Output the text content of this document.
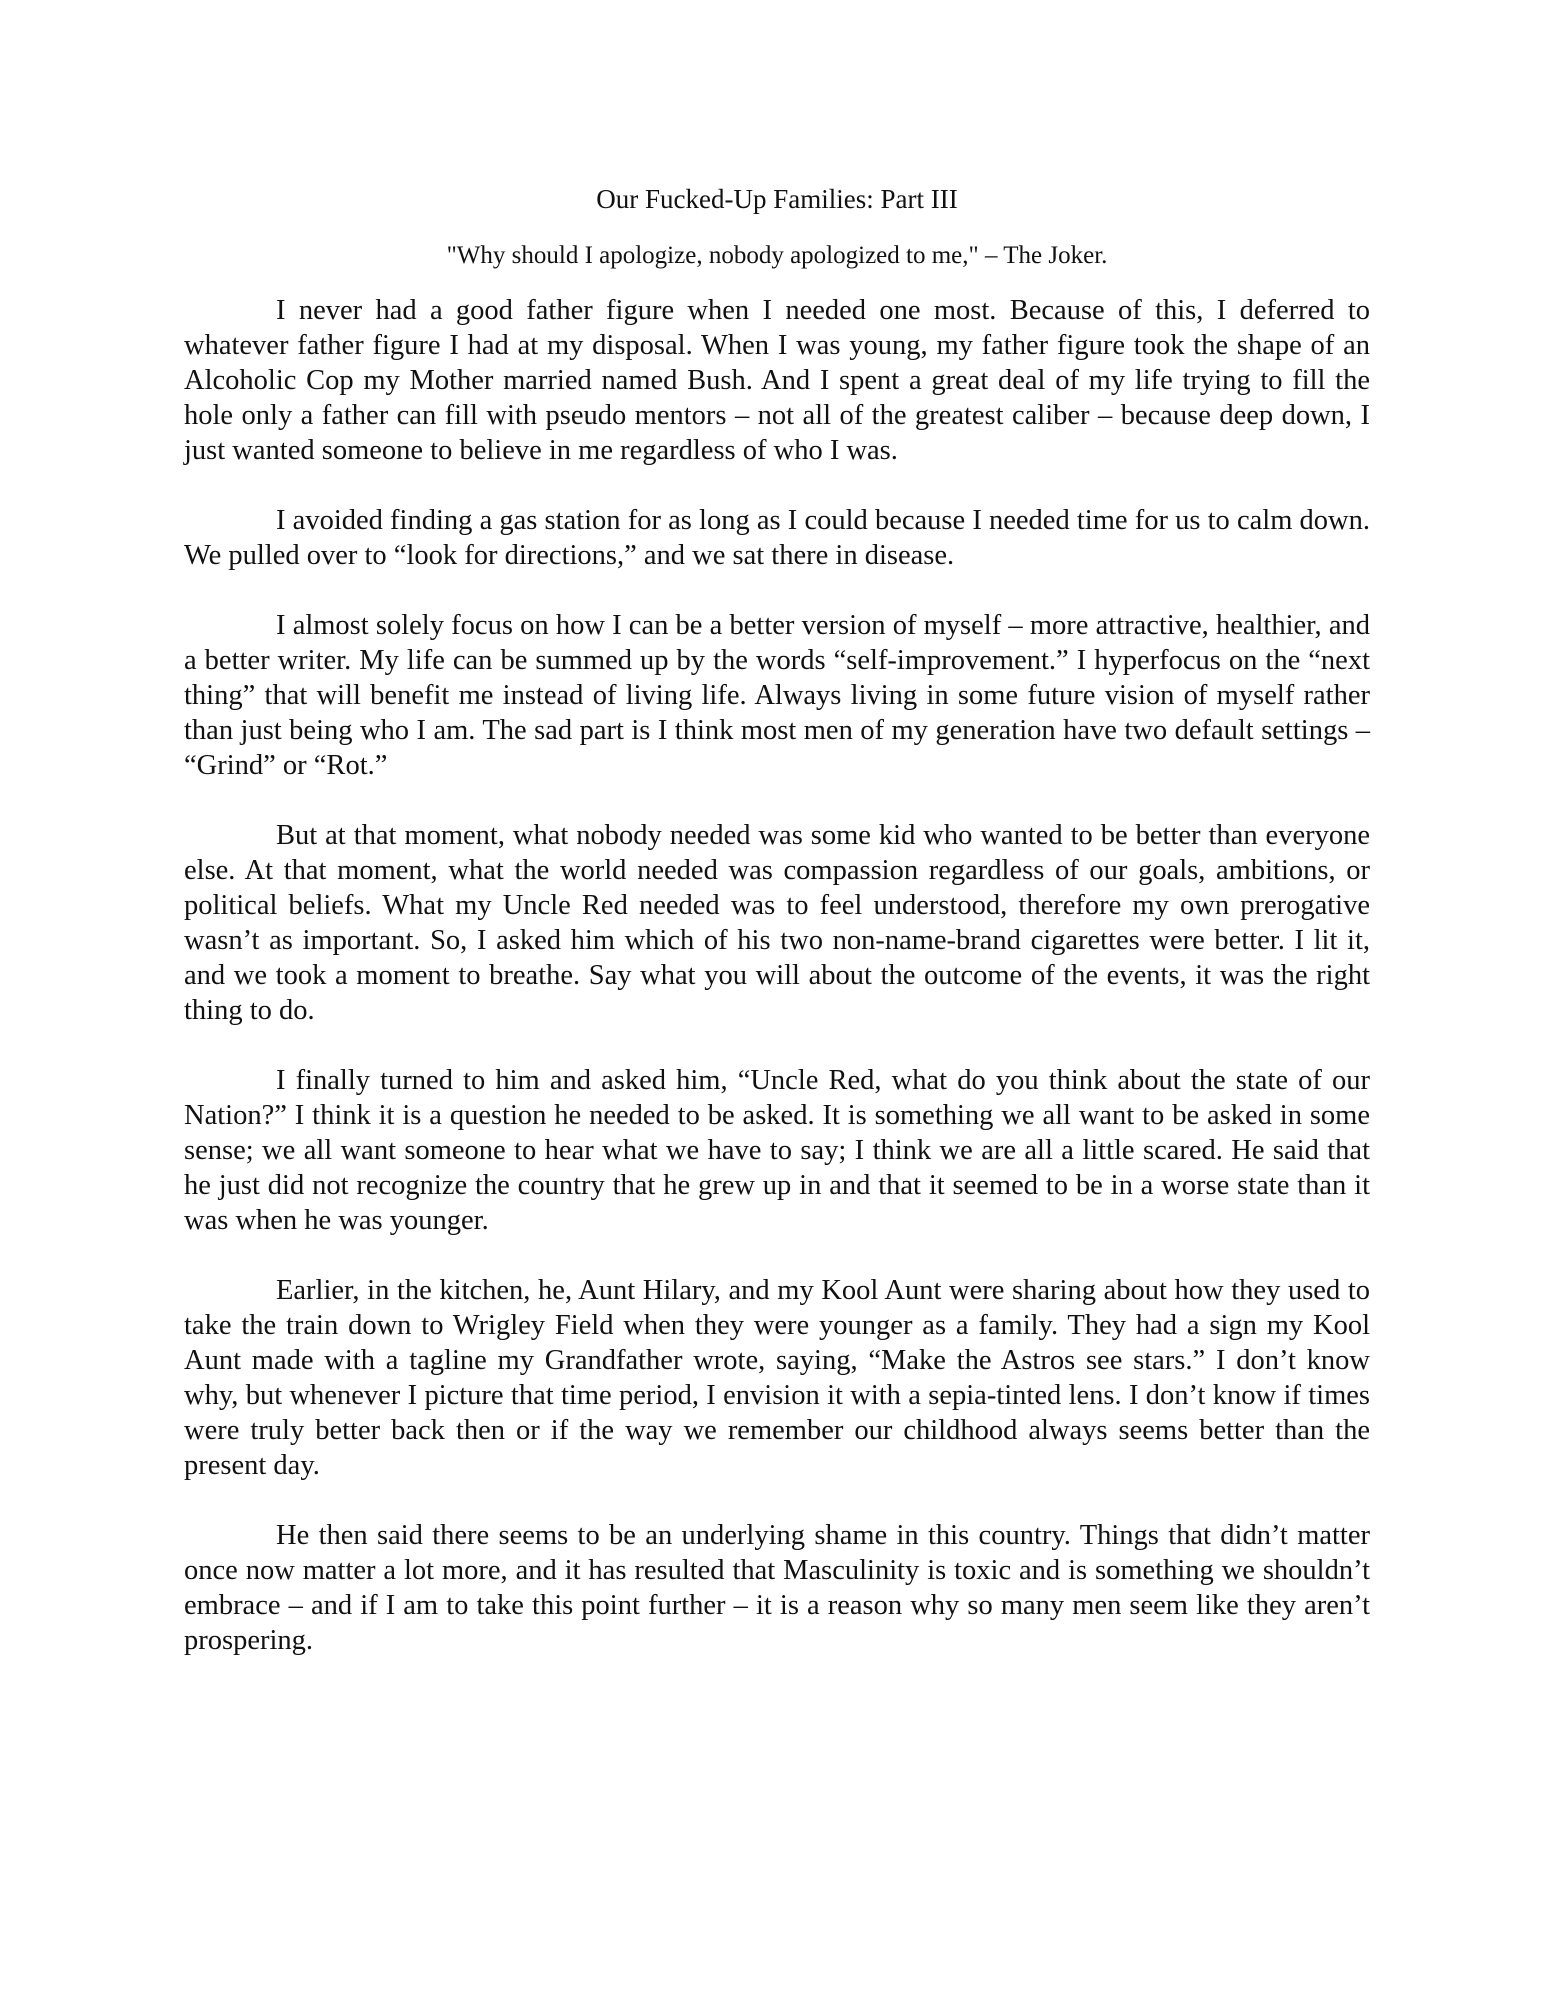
Our Fucked-Up Families: Part III

"Why should I apologize, nobody apologized to me," – The Joker.

I never had a good father figure when I needed one most. Because of this, I deferred to whatever father figure I had at my disposal. When I was young, my father figure took the shape of an Alcoholic Cop my Mother married named Bush. And I spent a great deal of my life trying to fill the hole only a father can fill with pseudo mentors – not all of the greatest caliber – because deep down, I just wanted someone to believe in me regardless of who I was.

I avoided finding a gas station for as long as I could because I needed time for us to calm down. We pulled over to “look for directions,” and we sat there in disease.

I almost solely focus on how I can be a better version of myself – more attractive, healthier, and a better writer. My life can be summed up by the words “self-improvement.” I hyperfocus on the “next thing” that will benefit me instead of living life. Always living in some future vision of myself rather than just being who I am. The sad part is I think most men of my generation have two default settings – “Grind” or “Rot.”

But at that moment, what nobody needed was some kid who wanted to be better than everyone else. At that moment, what the world needed was compassion regardless of our goals, ambitions, or political beliefs. What my Uncle Red needed was to feel understood, therefore my own prerogative wasn’t as important. So, I asked him which of his two non-name-brand cigarettes were better. I lit it, and we took a moment to breathe. Say what you will about the outcome of the events, it was the right thing to do.

I finally turned to him and asked him, “Uncle Red, what do you think about the state of our Nation?” I think it is a question he needed to be asked. It is something we all want to be asked in some sense; we all want someone to hear what we have to say; I think we are all a little scared. He said that he just did not recognize the country that he grew up in and that it seemed to be in a worse state than it was when he was younger.

Earlier, in the kitchen, he, Aunt Hilary, and my Kool Aunt were sharing about how they used to take the train down to Wrigley Field when they were younger as a family. They had a sign my Kool Aunt made with a tagline my Grandfather wrote, saying, “Make the Astros see stars.” I don’t know why, but whenever I picture that time period, I envision it with a sepia-tinted lens. I don’t know if times were truly better back then or if the way we remember our childhood always seems better than the present day.

He then said there seems to be an underlying shame in this country. Things that didn’t matter once now matter a lot more, and it has resulted that Masculinity is toxic and is something we shouldn’t embrace – and if I am to take this point further – it is a reason why so many men seem like they aren’t prospering.
